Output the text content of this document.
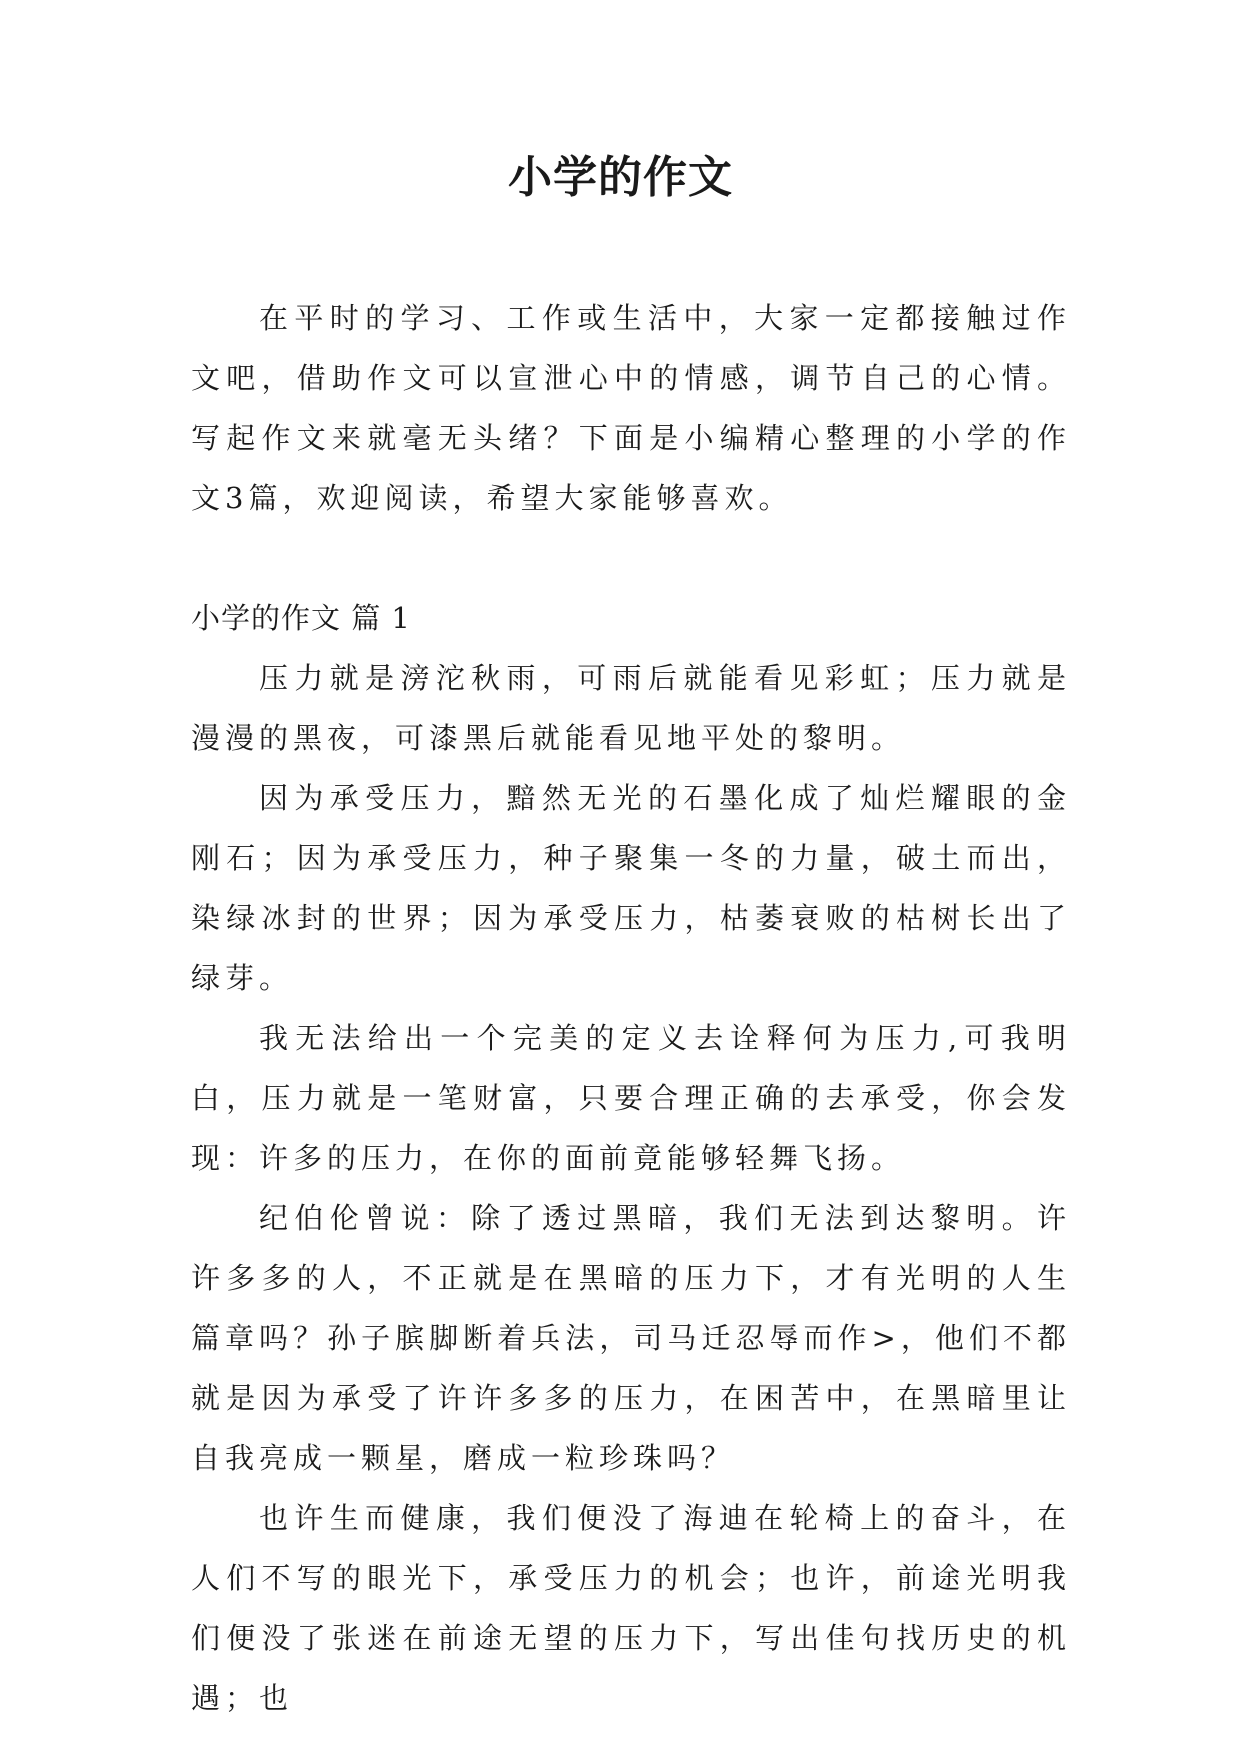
小学的作文

在平时的学习、工作或生活中，大家一定都接触过作文吧，借助作文可以宣泄心中的情感，调节自己的心情。写起作文来就毫无头绪？下面是小编精心整理的小学的作文3篇，欢迎阅读，希望大家能够喜欢。

小学的作文 篇 1

压力就是滂沱秋雨，可雨后就能看见彩虹；压力就是漫漫的黑夜，可漆黑后就能看见地平处的黎明。

因为承受压力，黯然无光的石墨化成了灿烂耀眼的金刚石；因为承受压力，种子聚集一冬的力量，破土而出，染绿冰封的世界；因为承受压力，枯萎衰败的枯树长出了绿芽。

我无法给出一个完美的定义去诠释何为压力,可我明白，压力就是一笔财富，只要合理正确的去承受，你会发现：许多的压力，在你的面前竟能够轻舞飞扬。

纪伯伦曾说：除了透过黑暗，我们无法到达黎明。许许多多的人，不正就是在黑暗的压力下，才有光明的人生篇章吗？孙子膑脚断着兵法，司马迁忍辱而作>，他们不都就是因为承受了许许多多的压力，在困苦中，在黑暗里让自我亮成一颗星，磨成一粒珍珠吗？

也许生而健康，我们便没了海迪在轮椅上的奋斗，在人们不写的眼光下，承受压力的机会；也许，前途光明我们便没了张迷在前途无望的压力下，写出佳句找历史的机遇；也
